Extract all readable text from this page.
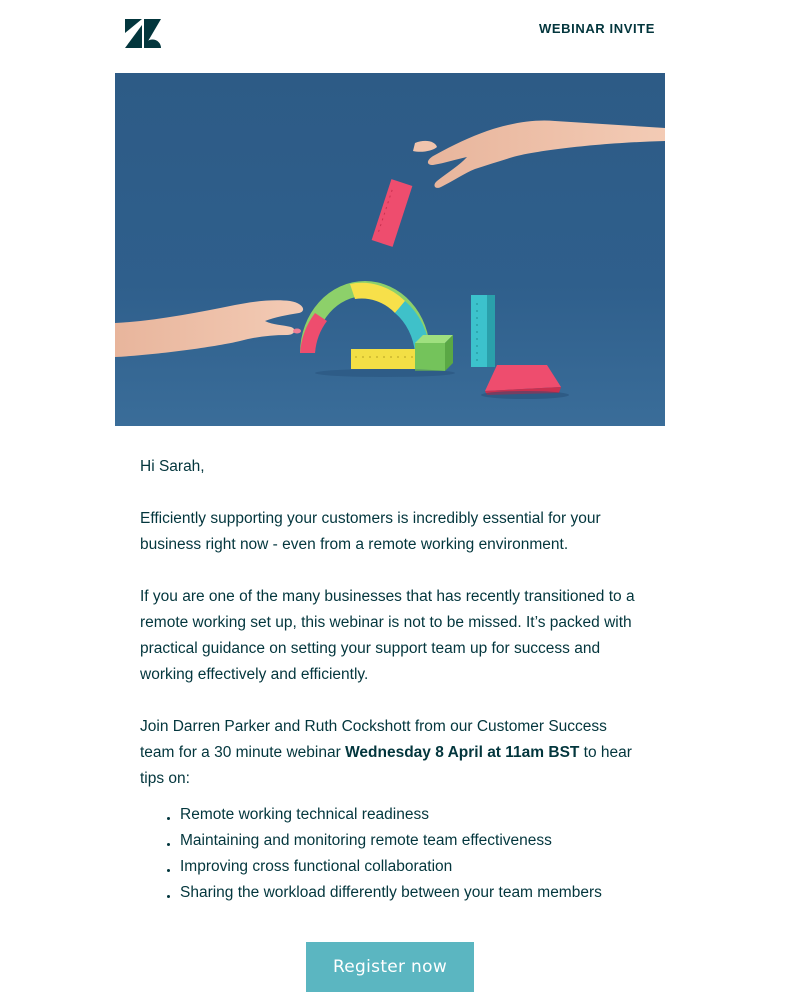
WEBINAR INVITE

Hi Sarah,

Efficiently supporting your customers is incredibly essential for your business right now - even from a remote working environment.

If you are one of the many businesses that has recently transitioned to a remote working set up, this webinar is not to be missed. It’s packed with practical guidance on setting your support team up for success and working effectively and efficiently.

Join Darren Parker and Ruth Cockshott from our Customer Success team for a 30 minute webinar Wednesday 8 April at 11am BST to hear tips on:

Remote working technical readiness
Maintaining and monitoring remote team effectiveness
Improving cross functional collaboration
Sharing the workload differently between your team members
Register now
